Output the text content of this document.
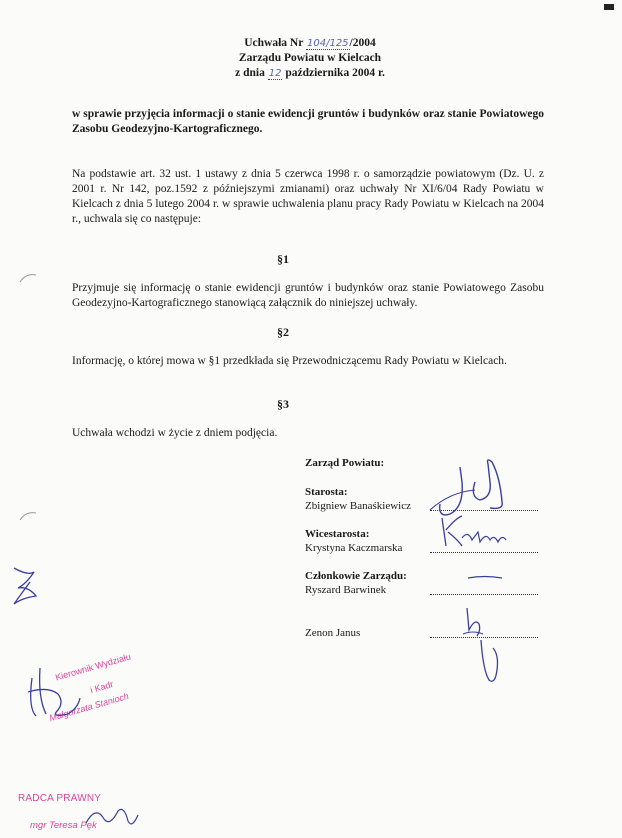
Uchwała Nr 104/125/2004
Zarządu Powiatu w Kielcach
z dnia 12 października 2004 r.
w sprawie przyjęcia informacji o stanie ewidencji gruntów i budynków oraz stanie Powiatowego Zasobu Geodezyjno-Kartograficznego.
Na podstawie art. 32 ust. 1 ustawy z dnia 5 czerwca 1998 r. o samorządzie powiatowym (Dz. U. z 2001 r. Nr 142, poz.1592 z późniejszymi zmianami) oraz uchwały Nr XI/6/04 Rady Powiatu w Kielcach z dnia 5 lutego 2004 r. w sprawie uchwalenia planu pracy Rady Powiatu w Kielcach na 2004 r., uchwala się co następuje:
§1
Przyjmuje się informację o stanie ewidencji gruntów i budynków oraz stanie Powiatowego Zasobu Geodezyjno-Kartograficznego stanowiącą załącznik do niniejszej uchwały.
§2
Informację, o której mowa w §1 przedkłada się Przewodniczącemu Rady Powiatu w Kielcach.
§3
Uchwała wchodzi w życie z dniem podjęcia.
Zarząd Powiatu:
Starosta:
Zbigniew Banaśkiewicz
Wicestarosta:
Krystyna Kaczmarska
Członkowie Zarządu:
Ryszard Barwinek
Zenon Janus
Kierownik Wydziału
i Kadr
Małgorzata Stanioch
RADCA PRAWNY
mgr Teresa Pęk
